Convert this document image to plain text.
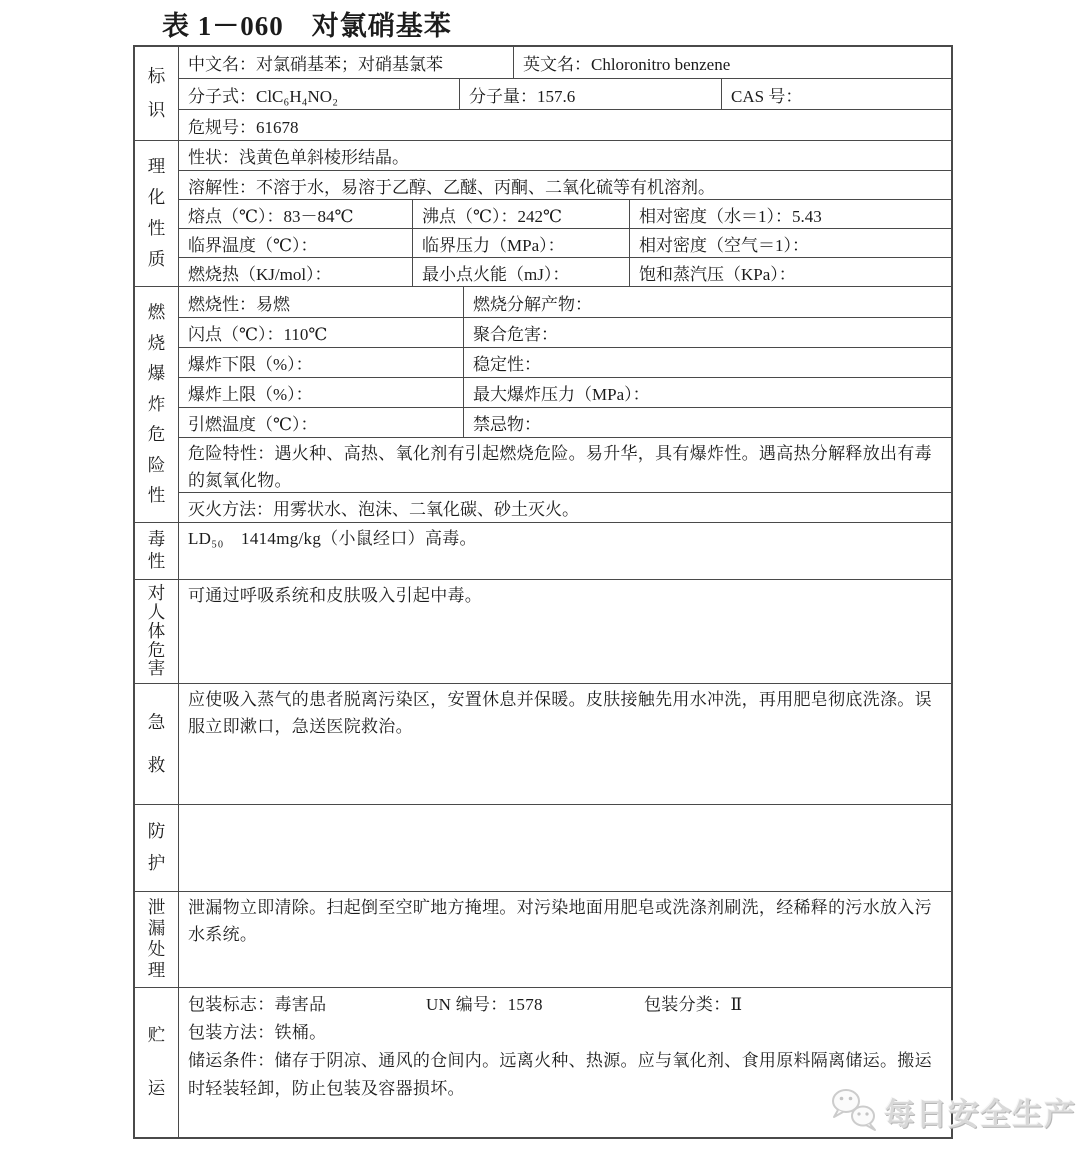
表 1－060　对氯硝基苯
标
识
中文名：对氯硝基苯；对硝基氯苯	英文名：Chloronitro benzene
分子式：ClC₆H₄NO₂	分子量：157.6	CAS 号：
危规号：61678
理
化
性
质
性状：浅黄色单斜棱形结晶。
溶解性：不溶于水，易溶于乙醇、乙醚、丙酮、二氧化硫等有机溶剂。
熔点（℃）：83－84℃	沸点（℃）：242℃	相对密度（水＝1）：5.43
临界温度（℃）：	临界压力（MPa）：	相对密度（空气＝1）：
燃烧热（KJ/mol）：	最小点火能（mJ）：	饱和蒸汽压（KPa）：
燃
烧
爆
炸
危
险
性
燃烧性：易燃	燃烧分解产物：
闪点（℃）：110℃	聚合危害：
爆炸下限（%）：	稳定性：
爆炸上限（%）：	最大爆炸压力（MPa）：
引燃温度（℃）：	禁忌物：
危险特性：遇火种、高热、氧化剂有引起燃烧危险。易升华，具有爆炸性。遇高热分解释放出有毒的氮氧化物。
灭火方法：用雾状水、泡沫、二氧化碳、砂土灭火。
毒
性
LD₅₀　1414mg/kg（小鼠经口）高毒。
对
人
体
危
害
可通过呼吸系统和皮肤吸入引起中毒。
急
救
应使吸入蒸气的患者脱离污染区，安置休息并保暖。皮肤接触先用水冲洗，再用肥皂彻底洗涤。误服立即漱口，急送医院救治。
防
护
泄
漏
处
理
泄漏物立即清除。扫起倒至空旷地方掩埋。对污染地面用肥皂或洗涤剂刷洗，经稀释的污水放入污水系统。
贮
运
包装标志：毒害品	UN 编号：1578	包装分类：Ⅱ
包装方法：铁桶。
储运条件：储存于阴凉、通风的仓间内。远离火种、热源。应与氧化剂、食用原料隔离储运。搬运时轻装轻卸，防止包装及容器损坏。
每日安全生产
